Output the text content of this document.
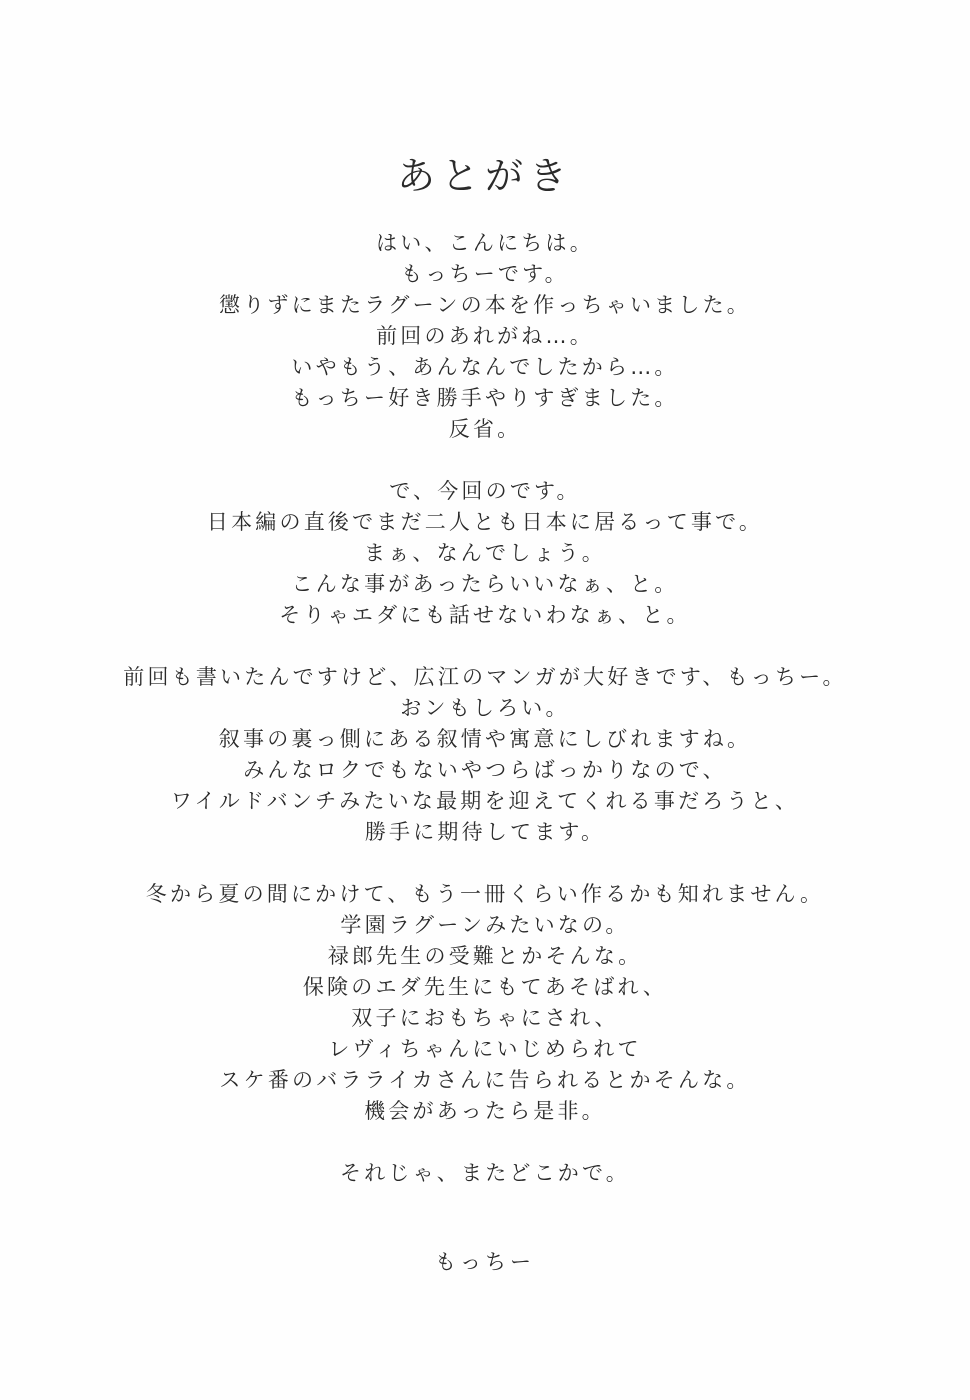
あとがき
はい、こんにちは。
もっちーです。
懲りずにまたラグーンの本を作っちゃいました。
前回のあれがね…。
いやもう、あんなんでしたから…。
もっちー好き勝手やりすぎました。
反省。
で、今回のです。
日本編の直後でまだ二人とも日本に居るって事で。
まぁ、なんでしょう。
こんな事があったらいいなぁ、と。
そりゃエダにも話せないわなぁ、と。
前回も書いたんですけど、広江のマンガが大好きです、もっちー。
おンもしろい。
叙事の裏っ側にある叙情や寓意にしびれますね。
みんなロクでもないやつらばっかりなので、
ワイルドバンチみたいな最期を迎えてくれる事だろうと、
勝手に期待してます。
冬から夏の間にかけて、もう一冊くらい作るかも知れません。
学園ラグーンみたいなの。
禄郎先生の受難とかそんな。
保険のエダ先生にもてあそばれ、
双子におもちゃにされ、
レヴィちゃんにいじめられて
スケ番のバラライカさんに告られるとかそんな。
機会があったら是非。
それじゃ、またどこかで。
もっちー
